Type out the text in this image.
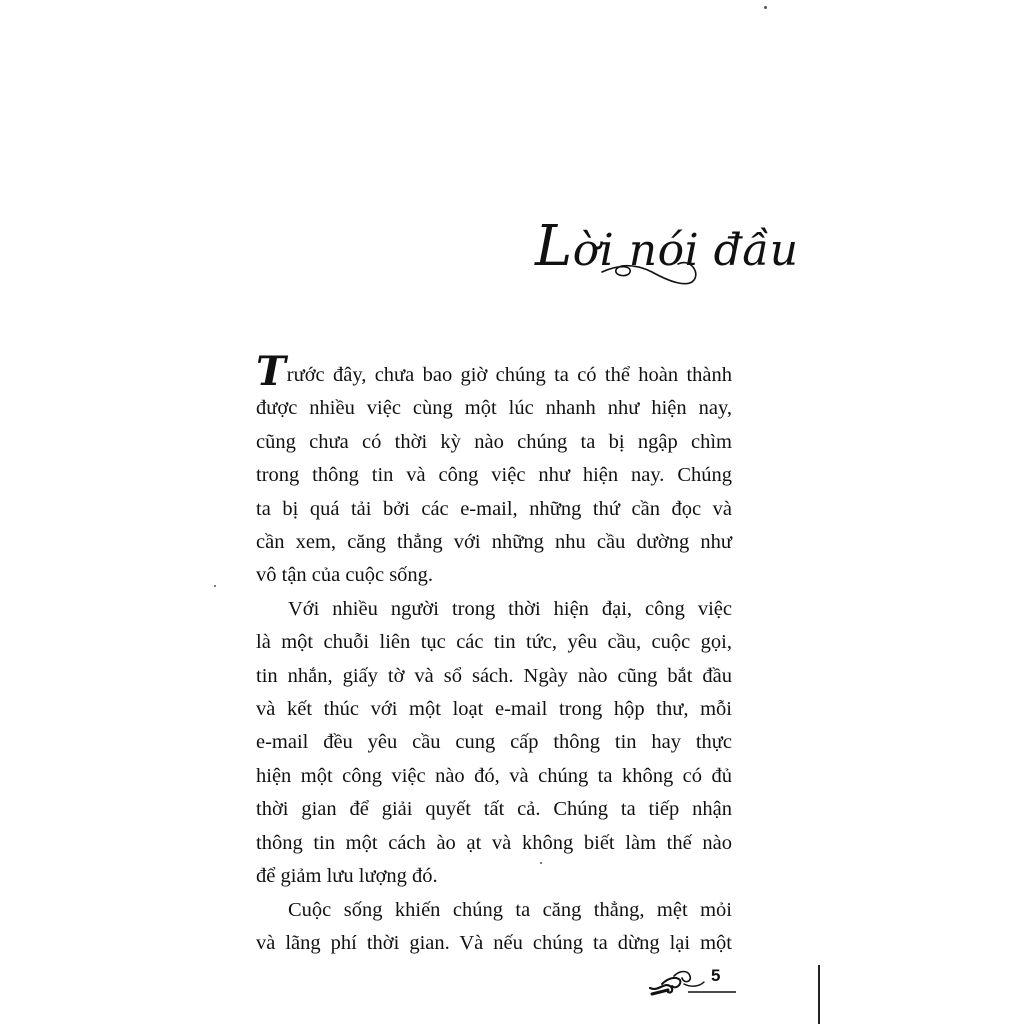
Lời nói đầu

Trước đây, chưa bao giờ chúng ta có thể hoàn thành
được nhiều việc cùng một lúc nhanh như hiện nay,
cũng chưa có thời kỳ nào chúng ta bị ngập chìm
trong thông tin và công việc như hiện nay. Chúng
ta bị quá tải bởi các e-mail, những thứ cần đọc và
cần xem, căng thẳng với những nhu cầu dường như
vô tận của cuộc sống.

Với nhiều người trong thời hiện đại, công việc
là một chuỗi liên tục các tin tức, yêu cầu, cuộc gọi,
tin nhắn, giấy tờ và sổ sách. Ngày nào cũng bắt đầu
và kết thúc với một loạt e-mail trong hộp thư, mỗi
e-mail đều yêu cầu cung cấp thông tin hay thực
hiện một công việc nào đó, và chúng ta không có đủ
thời gian để giải quyết tất cả. Chúng ta tiếp nhận
thông tin một cách ào ạt và không biết làm thế nào
để giảm lưu lượng đó.

Cuộc sống khiến chúng ta căng thẳng, mệt mỏi
và lãng phí thời gian. Và nếu chúng ta dừng lại một

5
